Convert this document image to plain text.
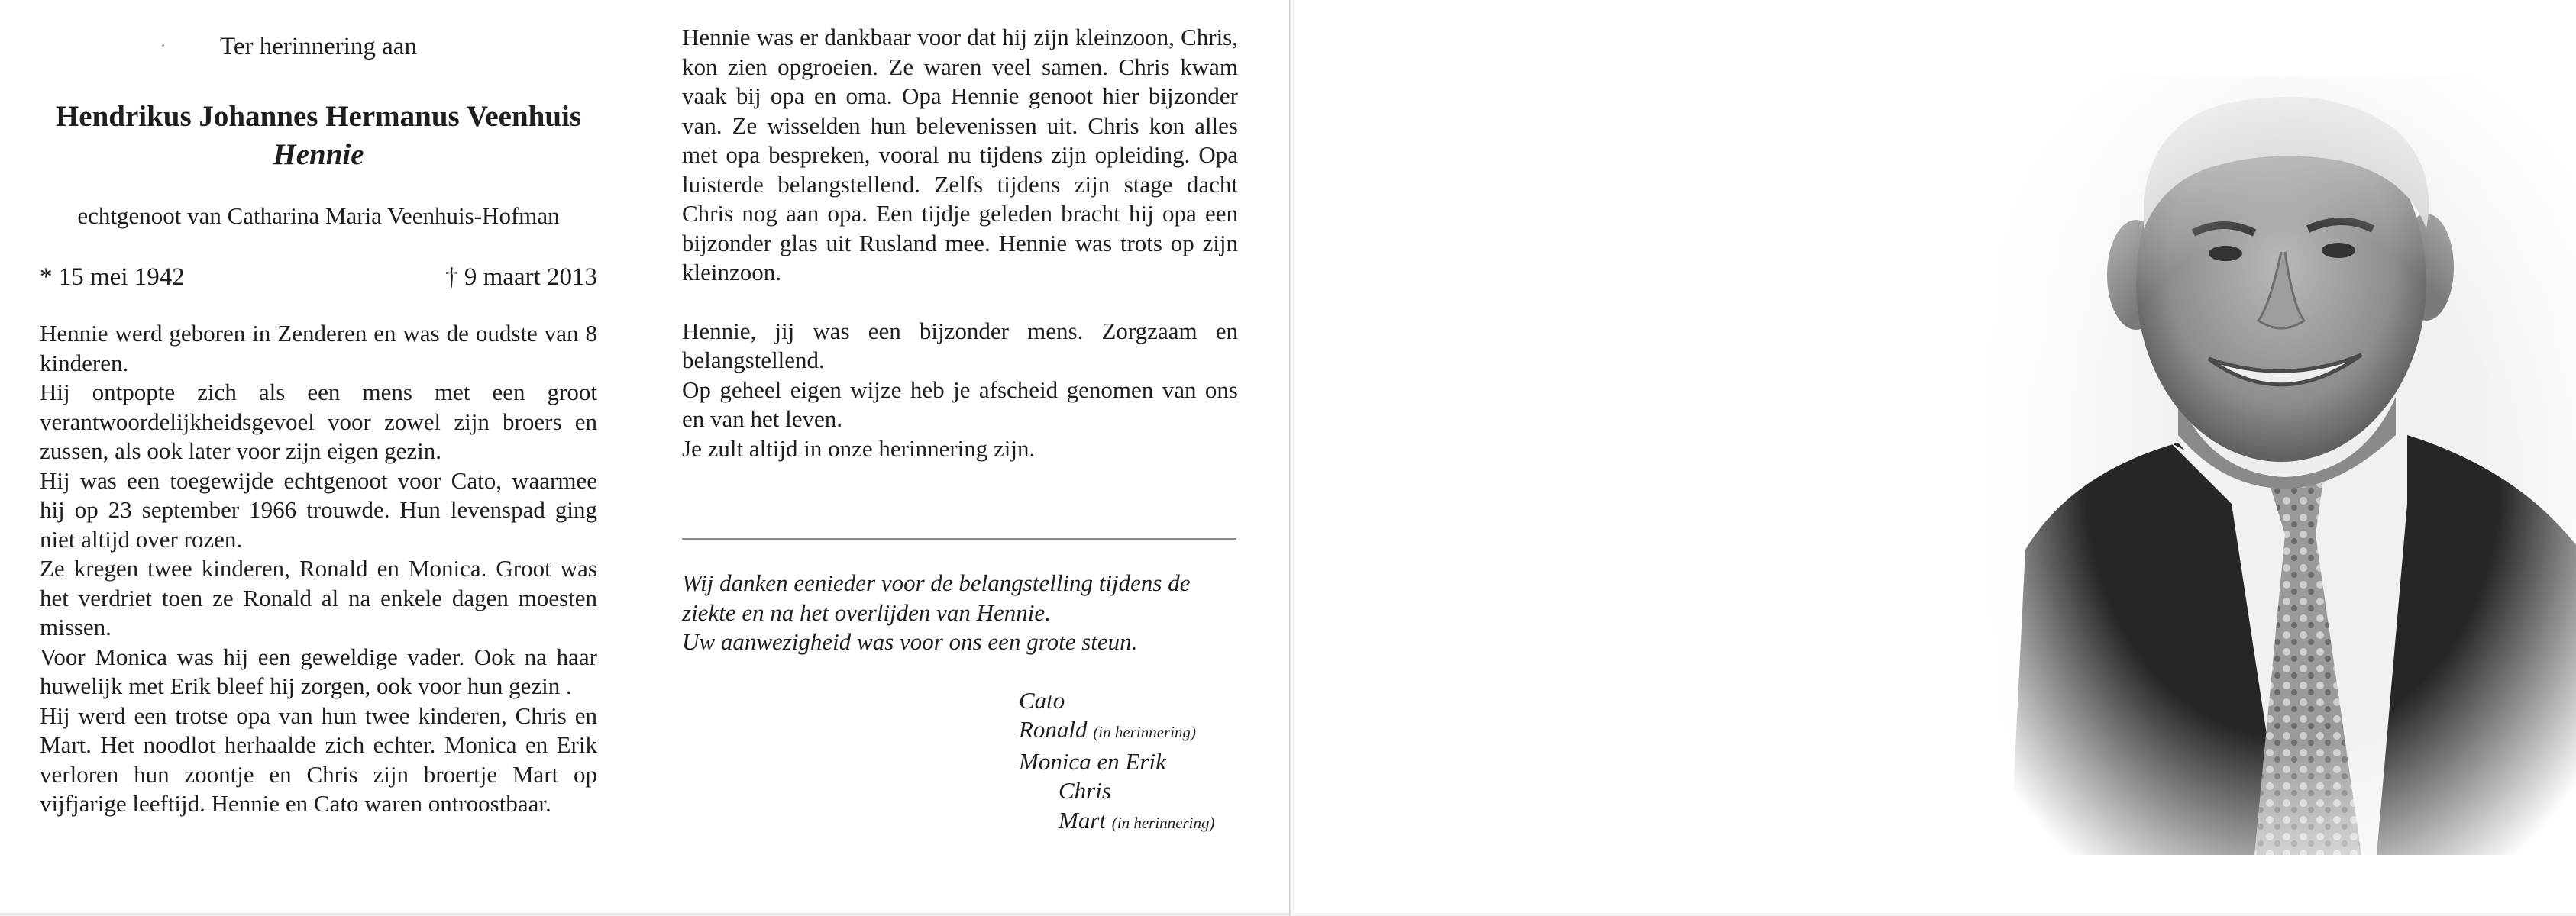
Ter herinnering aan
Hendrikus Johannes Hermanus Veenhuis
Hennie
echtgenoot van Catharina Maria Veenhuis-Hofman
* 15 mei 1942	† 9 maart 2013

Hennie werd geboren in Zenderen en was de oudste van 8 kinderen.

Hij ontpopte zich als een mens met een groot verantwoordelijkheidsgevoel voor zowel zijn broers en zussen, als ook later voor zijn eigen gezin.

Hij was een toegewijde echtgenoot voor Cato, waarmee hij op 23 september 1966 trouwde. Hun levenspad ging niet altijd over rozen.

Ze kregen twee kinderen, Ronald en Monica. Groot was het verdriet toen ze Ronald al na enkele dagen moesten missen.

Voor Monica was hij een geweldige vader. Ook na haar huwelijk met Erik bleef hij zorgen, ook voor hun gezin .

Hij werd een trotse opa van hun twee kinderen, Chris en Mart. Het noodlot herhaalde zich echter. Monica en Erik verloren hun zoontje en Chris zijn broertje Mart op vijfjarige leeftijd. Hennie en Cato waren ontroostbaar.

Hennie was er dankbaar voor dat hij zijn kleinzoon, Chris, kon zien opgroeien. Ze waren veel samen. Chris kwam vaak bij opa en oma. Opa Hennie genoot hier bijzonder van. Ze wisselden hun belevenissen uit. Chris kon alles met opa bespreken, vooral nu tijdens zijn opleiding. Opa luisterde belangstellend. Zelfs tijdens zijn stage dacht Chris nog aan opa. Een tijdje geleden bracht hij opa een bijzonder glas uit Rusland mee. Hennie was trots op zijn kleinzoon.

Hennie, jij was een bijzonder mens. Zorgzaam en belangstellend.

Op geheel eigen wijze heb je afscheid genomen van ons en van het leven.

Je zult altijd in onze herinnering zijn.

Wij danken eenieder voor de belangstelling tijdens de ziekte en na het overlijden van Hennie.
Uw aanwezigheid was voor ons een grote steun.
Cato
Ronald (in herinnering)
Monica en Erik
Chris
Mart (in herinnering)
